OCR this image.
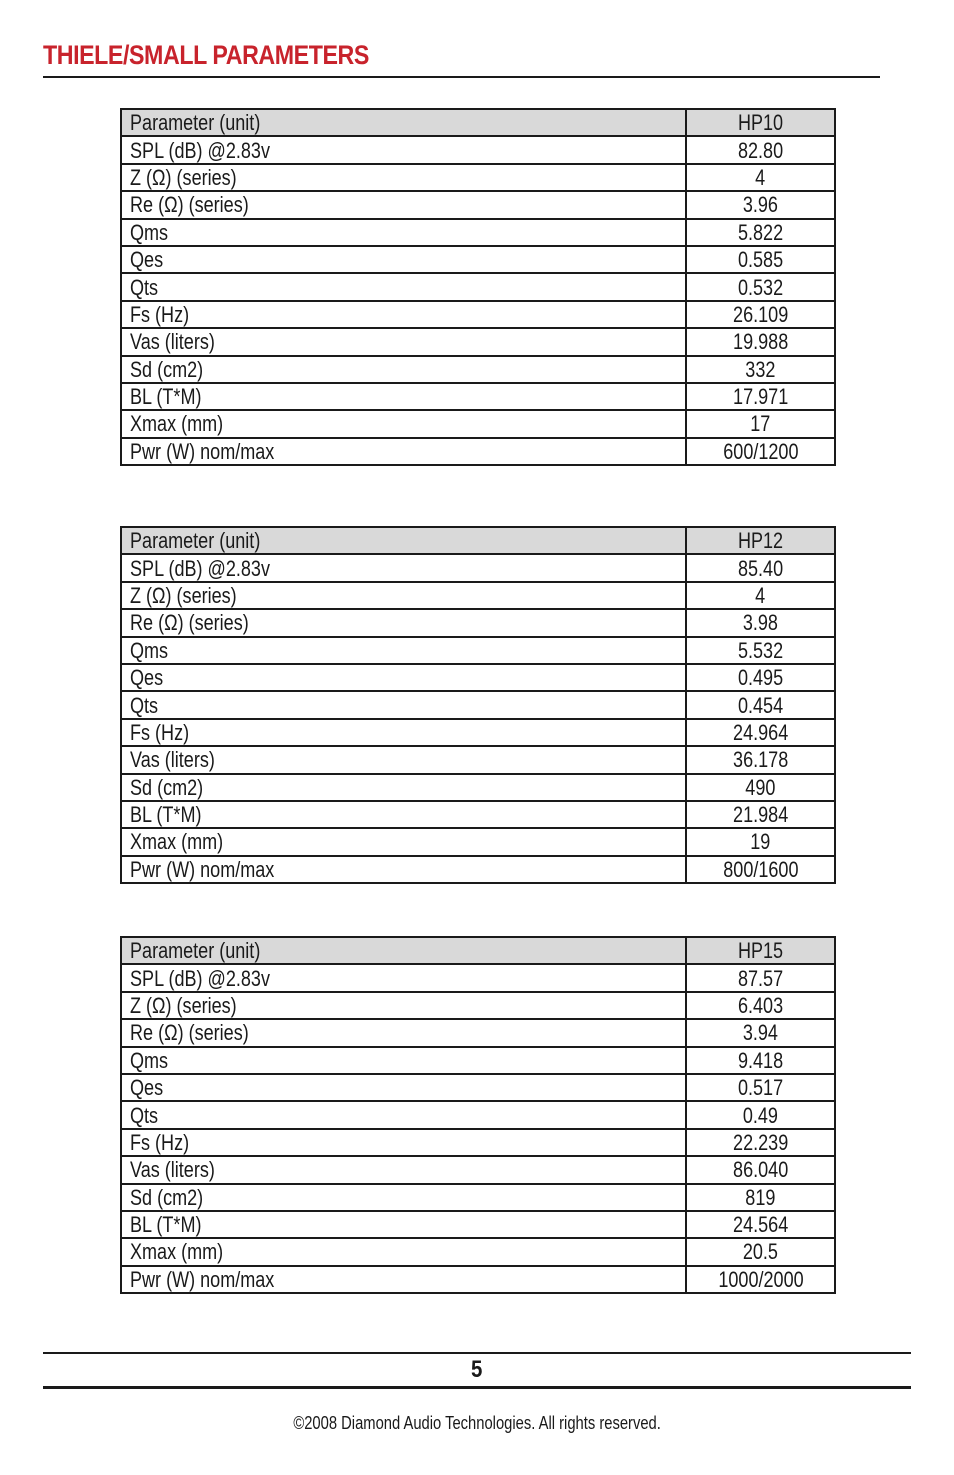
THIELE/SMALL PARAMETERS
Parameter (unit)	HP10
SPL (dB) @2.83v	82.80
Z (Ω) (series)	4
Re (Ω) (series)	3.96
Qms	5.822
Qes	0.585
Qts	0.532
Fs (Hz)	26.109
Vas (liters)	19.988
Sd (cm2)	332
BL (T*M)	17.971
Xmax (mm)	17
Pwr (W) nom/max	600/1200
Parameter (unit)	HP12
SPL (dB) @2.83v	85.40
Z (Ω) (series)	4
Re (Ω) (series)	3.98
Qms	5.532
Qes	0.495
Qts	0.454
Fs (Hz)	24.964
Vas (liters)	36.178
Sd (cm2)	490
BL (T*M)	21.984
Xmax (mm)	19
Pwr (W) nom/max	800/1600
Parameter (unit)	HP15
SPL (dB) @2.83v	87.57
Z (Ω) (series)	6.403
Re (Ω) (series)	3.94
Qms	9.418
Qes	0.517
Qts	0.49
Fs (Hz)	22.239
Vas (liters)	86.040
Sd (cm2)	819
BL (T*M)	24.564
Xmax (mm)	20.5
Pwr (W) nom/max	1000/2000
5
©2008 Diamond Audio Technologies. All rights reserved.
